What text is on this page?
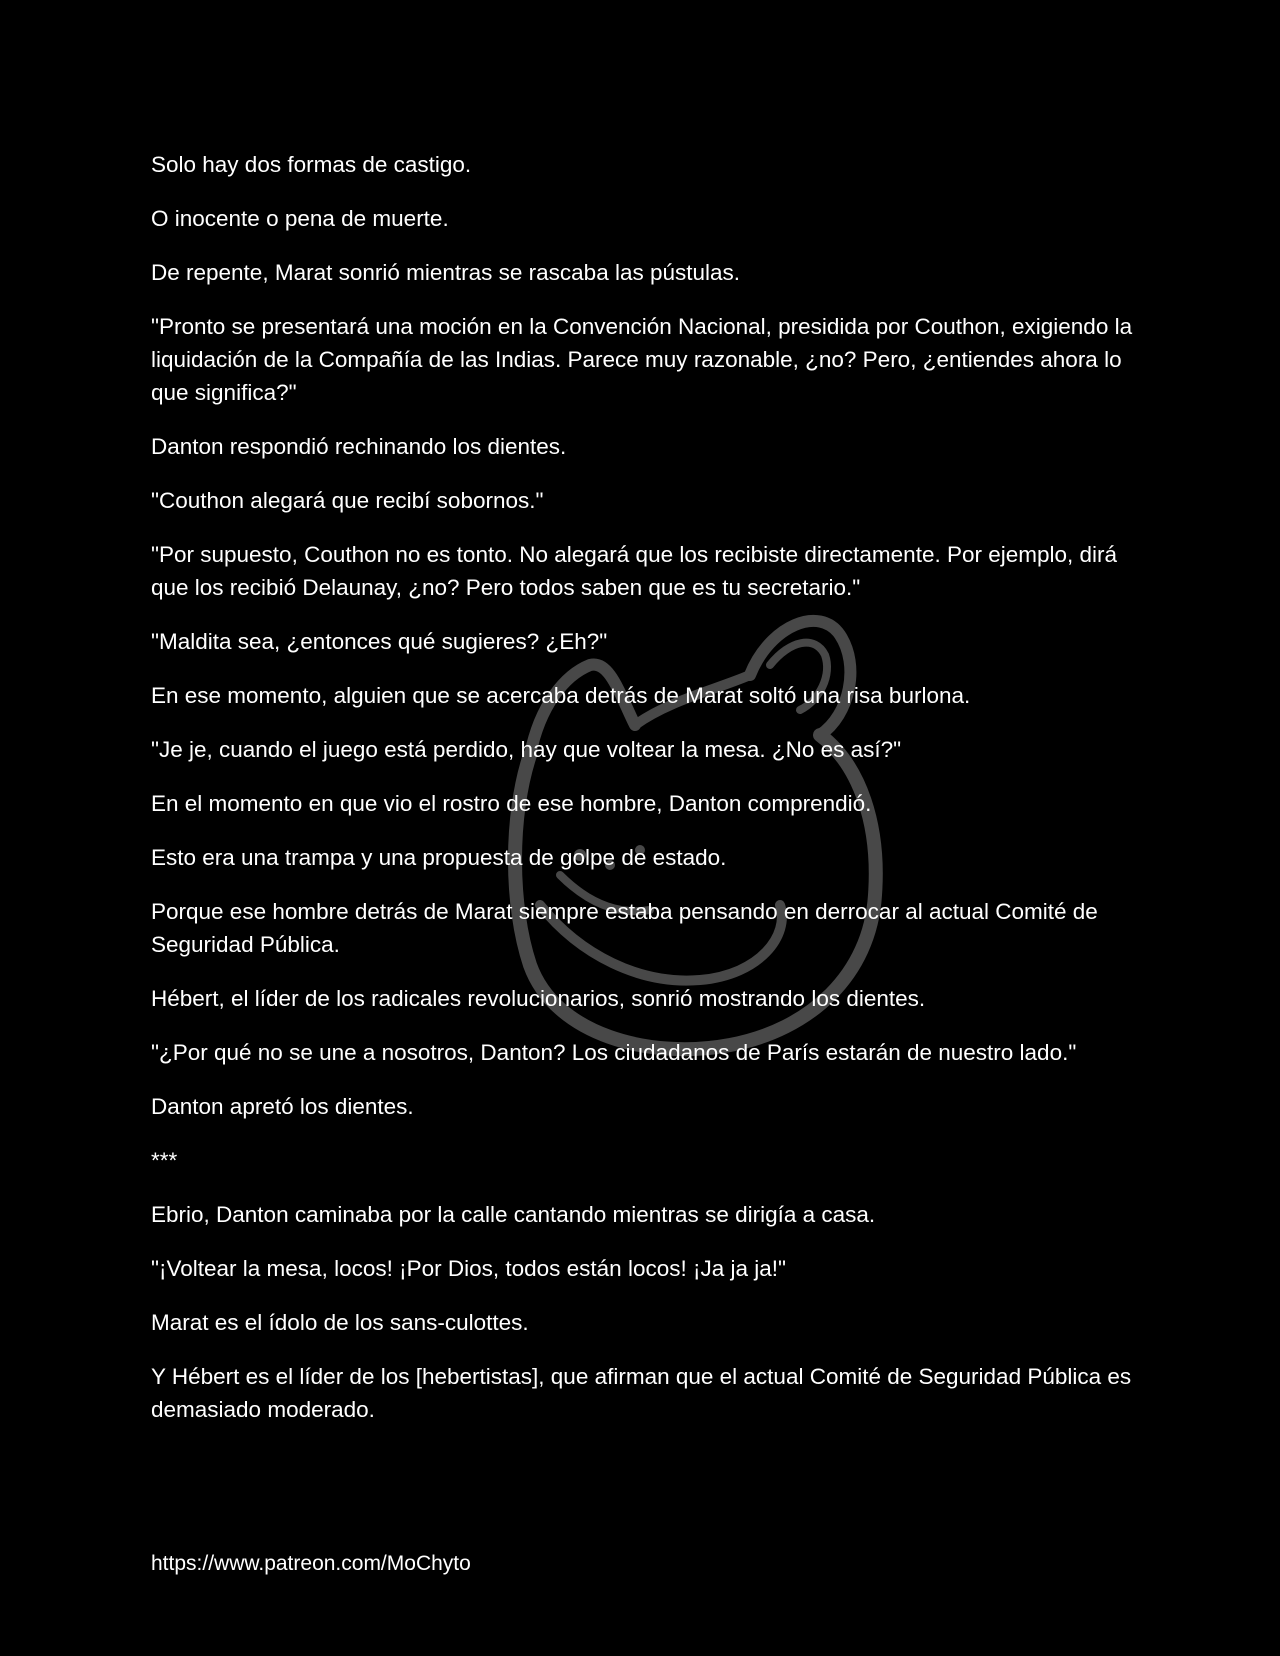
Solo hay dos formas de castigo.

O inocente o pena de muerte.

De repente, Marat sonrió mientras se rascaba las pústulas.

"Pronto se presentará una moción en la Convención Nacional, presidida por Couthon, exigiendo la liquidación de la Compañía de las Indias. Parece muy razonable, ¿no? Pero, ¿entiendes ahora lo que significa?"

Danton respondió rechinando los dientes.

"Couthon alegará que recibí sobornos."

"Por supuesto, Couthon no es tonto. No alegará que los recibiste directamente. Por ejemplo, dirá que los recibió Delaunay, ¿no? Pero todos saben que es tu secretario."

"Maldita sea, ¿entonces qué sugieres? ¿Eh?"

En ese momento, alguien que se acercaba detrás de Marat soltó una risa burlona.

"Je je, cuando el juego está perdido, hay que voltear la mesa. ¿No es así?"

En el momento en que vio el rostro de ese hombre, Danton comprendió.

Esto era una trampa y una propuesta de golpe de estado.

Porque ese hombre detrás de Marat siempre estaba pensando en derrocar al actual Comité de Seguridad Pública.

Hébert, el líder de los radicales revolucionarios, sonrió mostrando los dientes.

"¿Por qué no se une a nosotros, Danton? Los ciudadanos de París estarán de nuestro lado."

Danton apretó los dientes.

***

Ebrio, Danton caminaba por la calle cantando mientras se dirigía a casa.

"¡Voltear la mesa, locos! ¡Por Dios, todos están locos! ¡Ja ja ja!"

Marat es el ídolo de los sans-culottes.

Y Hébert es el líder de los [hebertistas], que afirman que el actual Comité de Seguridad Pública es demasiado moderado.

https://www.patreon.com/MoChyto
